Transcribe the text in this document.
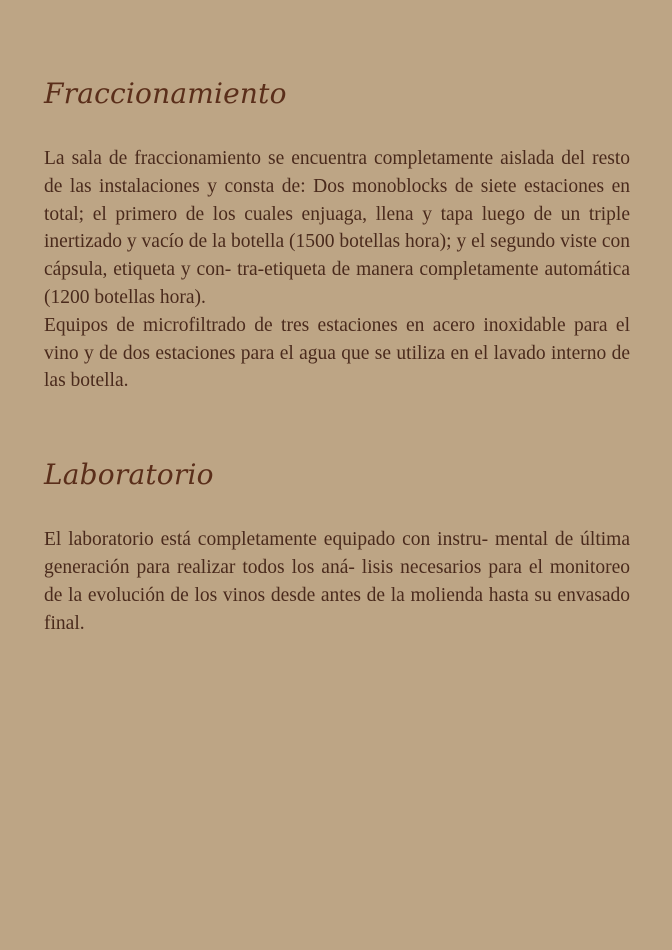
Fraccionamiento

La sala de fraccionamiento se encuentra completamente aislada del resto de las instalaciones y consta de: Dos monoblocks de siete estaciones en total; el primero de los cuales enjuaga, llena y tapa luego de un triple inertizado y vacío de la botella (1500 botellas hora); y el segundo viste con cápsula, etiqueta y con- tra-etiqueta de manera completamente automática (1200 botellas hora).

Equipos de microfiltrado de tres estaciones en acero inoxidable para el vino y de dos estaciones para el agua que se utiliza en el lavado interno de las botella.

Laboratorio

El laboratorio está completamente equipado con instru- mental de última generación para realizar todos los aná- lisis necesarios para el monitoreo de la evolución de los vinos desde antes de la molienda hasta su envasado final.
